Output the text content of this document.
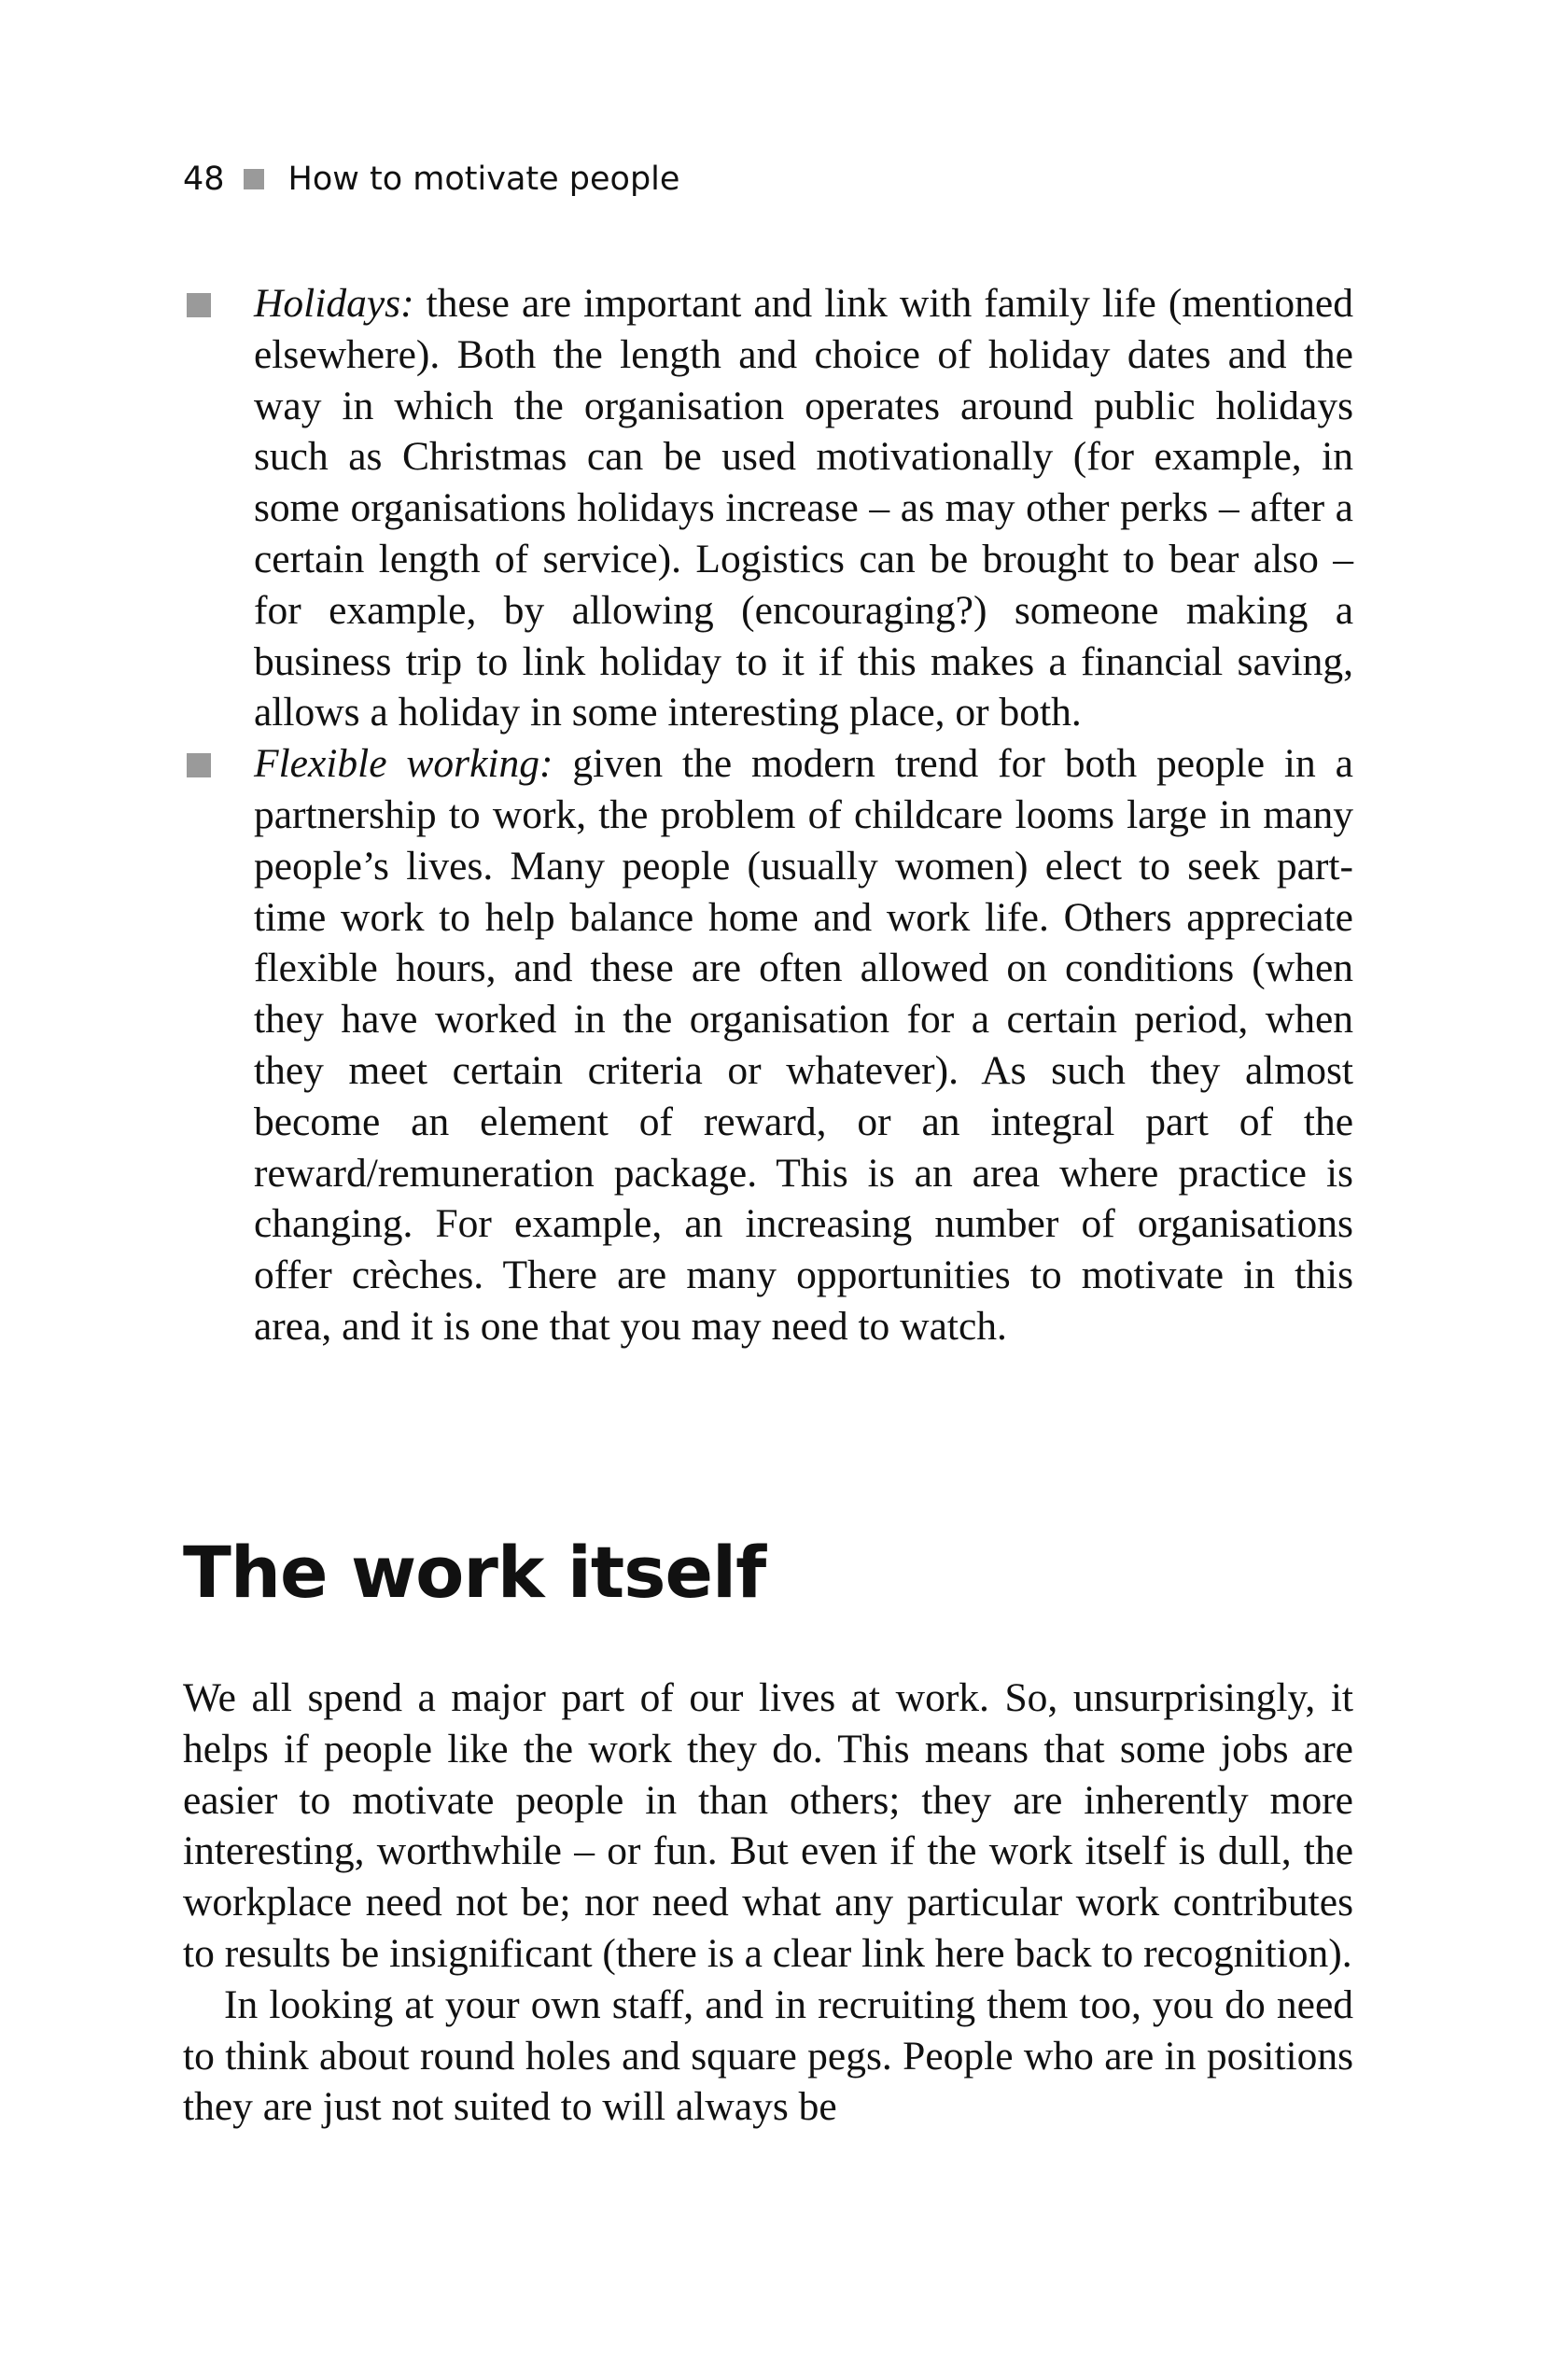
48 How to motivate people

Holidays: these are important and link with family life (mentioned elsewhere). Both the length and choice of holiday dates and the way in which the organisation operates around public holidays such as Christmas can be used motivationally (for example, in some organisations holidays increase – as may other perks – after a certain length of service). Logistics can be brought to bear also – for example, by allowing (encouraging?) someone making a business trip to link holiday to it if this makes a financial saving, allows a holiday in some interesting place, or both.

Flexible working: given the modern trend for both people in a partnership to work, the problem of childcare looms large in many people’s lives. Many people (usually women) elect to seek part-time work to help balance home and work life. Others appreciate flexible hours, and these are often allowed on conditions (when they have worked in the organisation for a certain period, when they meet certain criteria or whatever). As such they almost become an element of reward, or an integral part of the reward/remuneration package. This is an area where practice is changing. For example, an increasing number of organisations offer crèches. There are many opportunities to motivate in this area, and it is one that you may need to watch.

The work itself

We all spend a major part of our lives at work. So, unsurprisingly, it helps if people like the work they do. This means that some jobs are easier to motivate people in than others; they are inherently more interesting, worthwhile – or fun. But even if the work itself is dull, the workplace need not be; nor need what any particular work contributes to results be insignificant (there is a clear link here back to recognition).

In looking at your own staff, and in recruiting them too, you do need to think about round holes and square pegs. People who are in positions they are just not suited to will always be
